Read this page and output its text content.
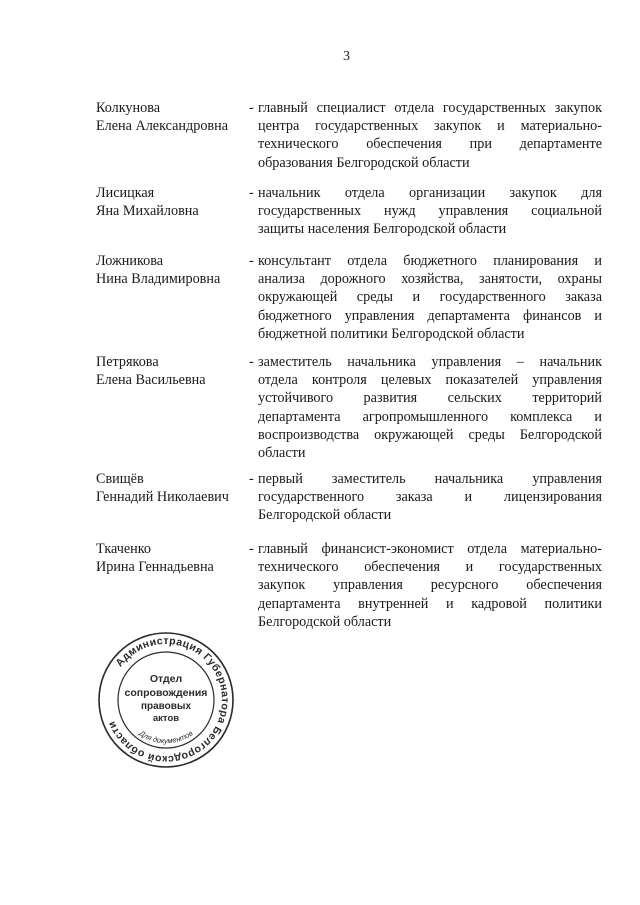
3
Колкунова
Елена Александровна
- главный специалист отдела государственных закупок
центра государственных закупок и материально-
технического обеспечения при департаменте
образования Белгородской области
Лисицкая
Яна Михайловна
- начальник отдела организации закупок для
государственных нужд управления социальной
защиты населения Белгородской области
Ложникова
Нина Владимировна
- консультант отдела бюджетного планирования и
анализа дорожного хозяйства, занятости, охраны
окружающей среды и государственного заказа
бюджетного управления департамента финансов и
бюджетной политики Белгородской области
Петрякова
Елена Васильевна
- заместитель начальника управления – начальник
отдела контроля целевых показателей управления
устойчивого развития сельских территорий
департамента агропромышленного комплекса и
воспроизводства окружающей среды Белгородской
области
Свищёв
Геннадий Николаевич
- первый заместитель начальника управления
государственного заказа и лицензирования
Белгородской области
Ткаченко
Ирина Геннадьевна
- главный финансист-экономист отдела материально-
технического обеспечения и государственных
закупок управления ресурсного обеспечения
департамента внутренней и кадровой политики
Белгородской области
Администрация Губернатора Белгородской области
Для документов
Отдел
сопровождения
правовых
актов
